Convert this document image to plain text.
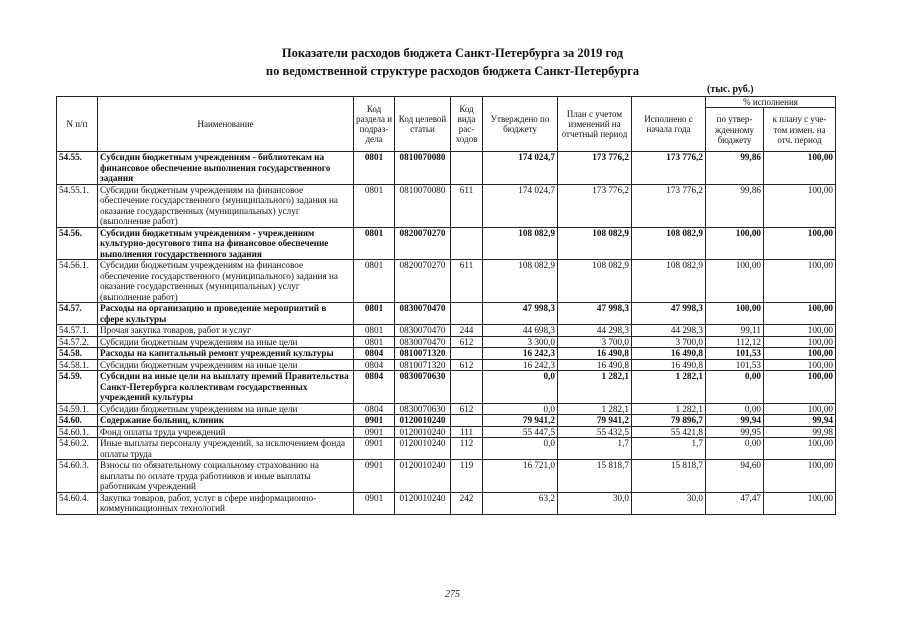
Показатели расходов бюджета Санкт-Петербурга за 2019 год
по ведомственной структуре расходов бюджета Санкт-Петербурга
(тыс. руб.)
N п/п	Наименование	Код раздела и подраз-дела	Код целевой статьи	Код вида рас-ходов	Утверждено по бюджету	План с учетом изменений на отчетный период	Исполнено с начала года	% исполнения	
								по утвер-жденному бюджету	к плану с уче-том измен. на отч. период
54.55.	Субсидии бюджетным учреждениям - библиотекам на финансовое обеспечение выполнения государственного задания	0801	0810070080		174 024,7	173 776,2	173 776,2	99,86	100,00
54.55.1.	Субсидии бюджетным учреждениям на финансовое обеспечение государственного (муниципального) задания на оказание государственных (муниципальных) услуг (выполнение работ)	0801	0810070080	611	174 024,7	173 776,2	173 776,2	99,86	100,00
54.56.	Субсидии бюджетным учреждениям - учреждениям культурно-досугового типа на финансовое обеспечение выполнения государственного задания	0801	0820070270		108 082,9	108 082,9	108 082,9	100,00	100,00
54.56.1.	Субсидии бюджетным учреждениям на финансовое обеспечение государственного (муниципального) задания на оказание государственных (муниципальных) услуг (выполнение работ)	0801	0820070270	611	108 082,9	108 082,9	108 082,9	100,00	100,00
54.57.	Расходы на организацию и проведение мероприятий в сфере культуры	0801	0830070470		47 998,3	47 998,3	47 998,3	100,00	100,00
54.57.1.	Прочая закупка товаров, работ и услуг	0801	0830070470	244	44 698,3	44 298,3	44 298,3	99,11	100,00
54.57.2.	Субсидии бюджетным учреждениям на иные цели	0801	0830070470	612	3 300,0	3 700,0	3 700,0	112,12	100,00
54.58.	Расходы на капитальный ремонт учреждений культуры	0804	0810071320		16 242,3	16 490,8	16 490,8	101,53	100,00
54.58.1.	Субсидии бюджетным учреждениям на иные цели	0804	0810071320	612	16 242,3	16 490,8	16 490,8	101,53	100,00
54.59.	Субсидии на иные цели на выплату премий Правительства Санкт-Петербурга коллективам государственных учреждений культуры	0804	0830070630		0,0	1 282,1	1 282,1	0,00	100,00
54.59.1.	Субсидии бюджетным учреждениям на иные цели	0804	0830070630	612	0,0	1 282,1	1 282,1	0,00	100,00
54.60.	Содержание больниц, клиник	0901	0120010240		79 941,2	79 941,2	79 896,7	99,94	99,94
54.60.1.	Фонд оплаты труда учреждений	0901	0120010240	111	55 447,5	55 432,5	55 421,8	99,95	99,98
54.60.2.	Иные выплаты персоналу учреждений, за исключением фонда оплаты труда	0901	0120010240	112	0,0	1,7	1,7	0,00	100,00
54.60.3.	Взносы по обязательному социальному страхованию на выплаты по оплате труда работников и иные выплаты работникам учреждений	0901	0120010240	119	16 721,0	15 818,7	15 818,7	94,60	100,00
54.60.4.	Закупка товаров, работ, услуг в сфере информационно-коммуникационных технологий	0901	0120010240	242	63,2	30,0	30,0	47,47	100,00
275
